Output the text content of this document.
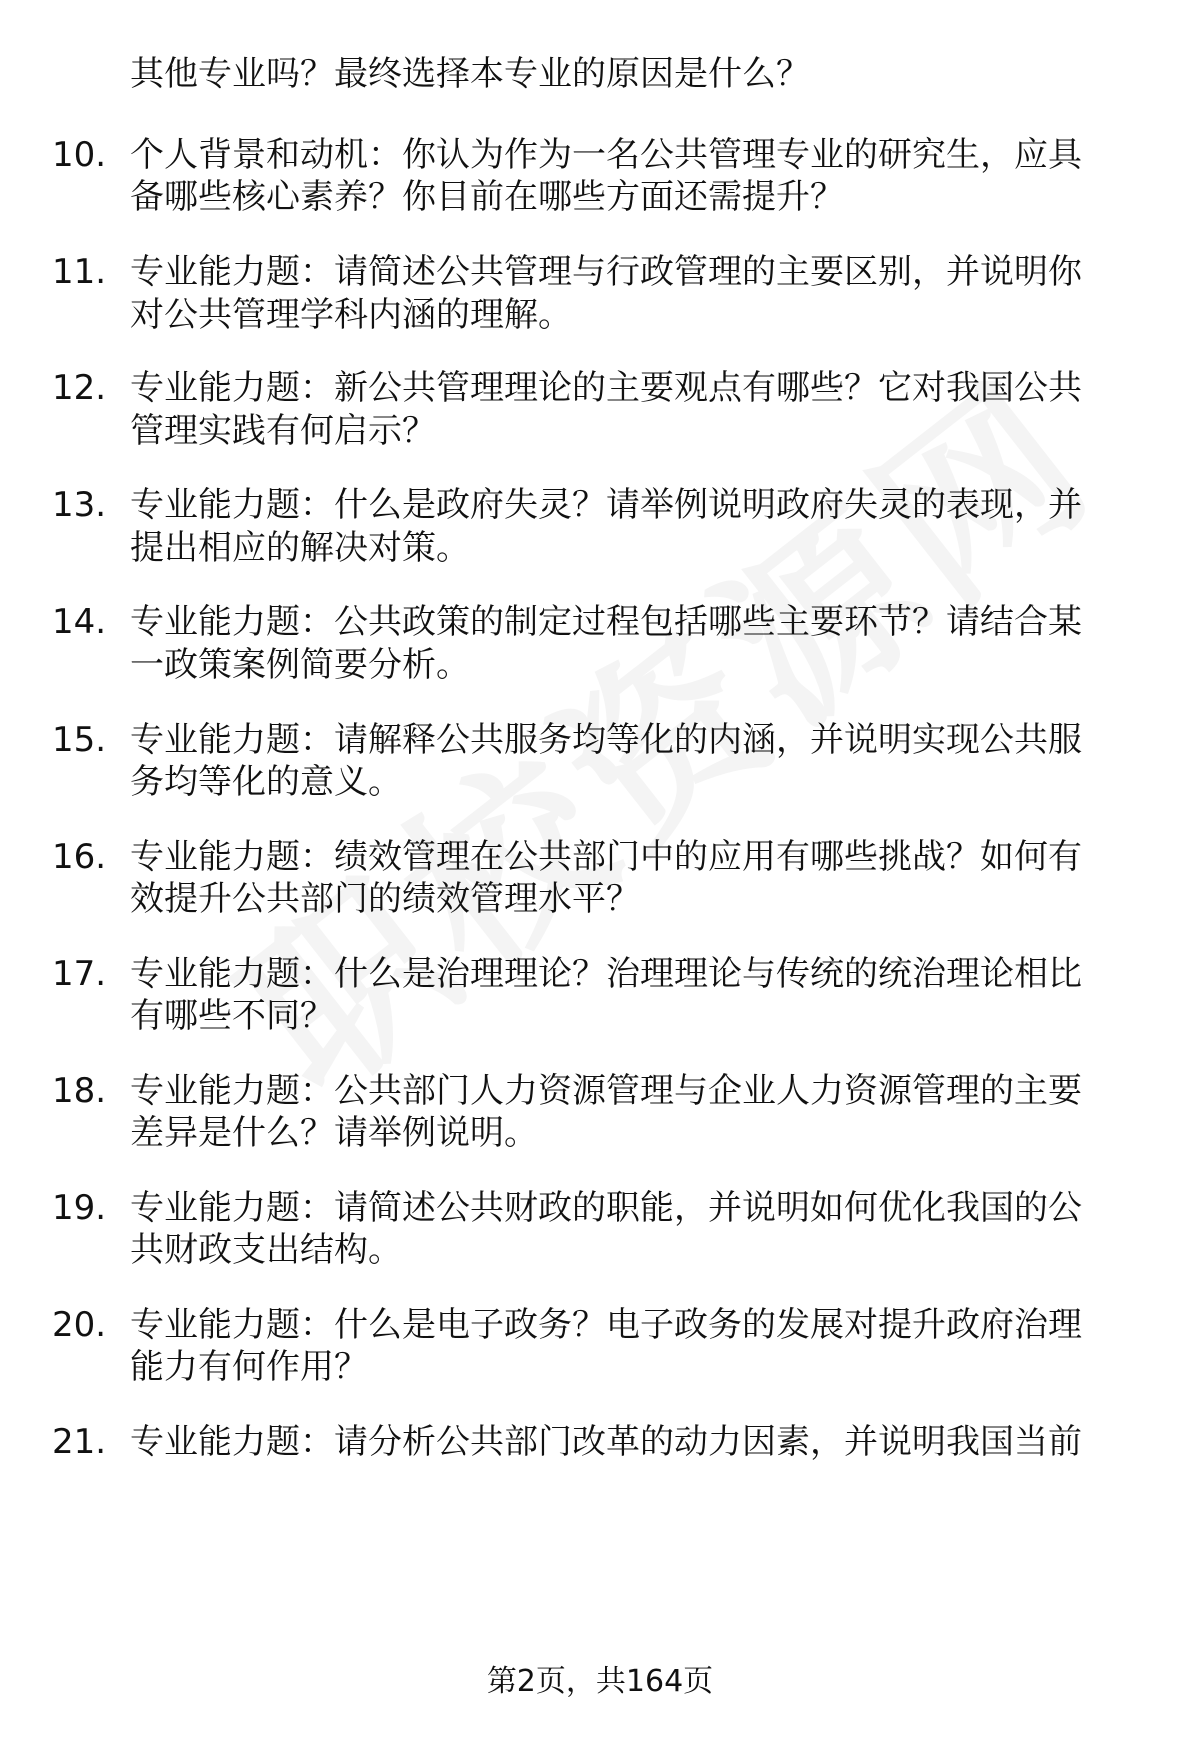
其他专业吗？最终选择本专业的原因是什么？
10. 个人背景和动机：你认为作为一名公共管理专业的研究生，应具
备哪些核心素养？你目前在哪些方面还需提升？
11. 专业能力题：请简述公共管理与行政管理的主要区别，并说明你
对公共管理学科内涵的理解。
12. 专业能力题：新公共管理理论的主要观点有哪些？它对我国公共
管理实践有何启示？
13. 专业能力题：什么是政府失灵？请举例说明政府失灵的表现，并
提出相应的解决对策。
14. 专业能力题：公共政策的制定过程包括哪些主要环节？请结合某
一政策案例简要分析。
15. 专业能力题：请解释公共服务均等化的内涵，并说明实现公共服
务均等化的意义。
16. 专业能力题：绩效管理在公共部门中的应用有哪些挑战？如何有
效提升公共部门的绩效管理水平？
17. 专业能力题：什么是治理理论？治理理论与传统的统治理论相比
有哪些不同？
18. 专业能力题：公共部门人力资源管理与企业人力资源管理的主要
差异是什么？请举例说明。
19. 专业能力题：请简述公共财政的职能，并说明如何优化我国的公
共财政支出结构。
20. 专业能力题：什么是电子政务？电子政务的发展对提升政府治理
能力有何作用？
21. 专业能力题：请分析公共部门改革的动力因素，并说明我国当前
第2页，共164页
